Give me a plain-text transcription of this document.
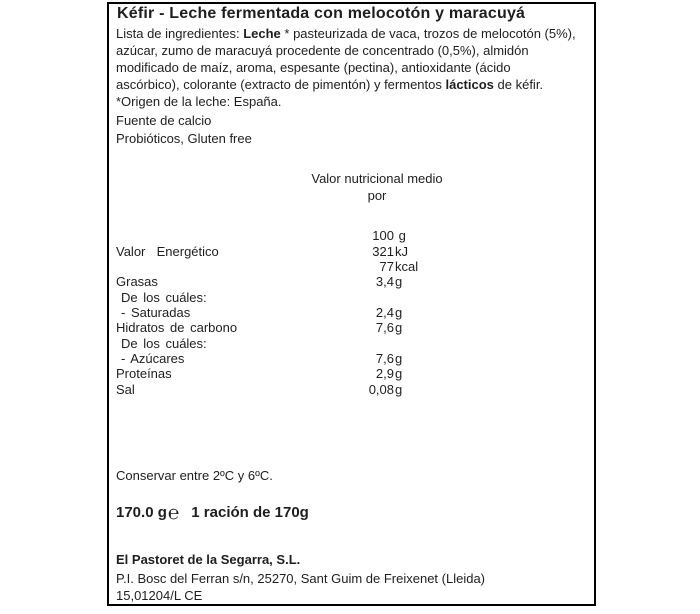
Kéfir - Leche fermentada con melocotón y maracuyá
Lista de ingredientes: Leche * pasteurizada de vaca, trozos de melocotón (5%),
azúcar, zumo de maracuyá procedente de concentrado (0,5%), almidón
modificado de maíz, aroma, espesante (pectina), antioxidante (ácido
ascórbico), colorante (extracto de pimentón) y fermentos lácticos de kéfir.
*Origen de la leche: España.
Fuente de calcio
Probióticos, Gluten free
Valor nutricional medio
por
100 g
Valor  Energético	321 kJ
77 kcal
Grasas	3,4 g
De los cuáles:
- Saturadas	2,4 g
Hidratos de carbono	7,6 g
De los cuáles:
- Azúcares	7,6 g
Proteínas	2,9 g
Sal	0,08 g
Conservar entre 2ºC y 6ºC.
170.0 g℮ 1 ración de 170g
El Pastoret de la Segarra, S.L.
P.I. Bosc del Ferran s/n, 25270, Sant Guim de Freixenet (Lleida)
15,01204/L CE
